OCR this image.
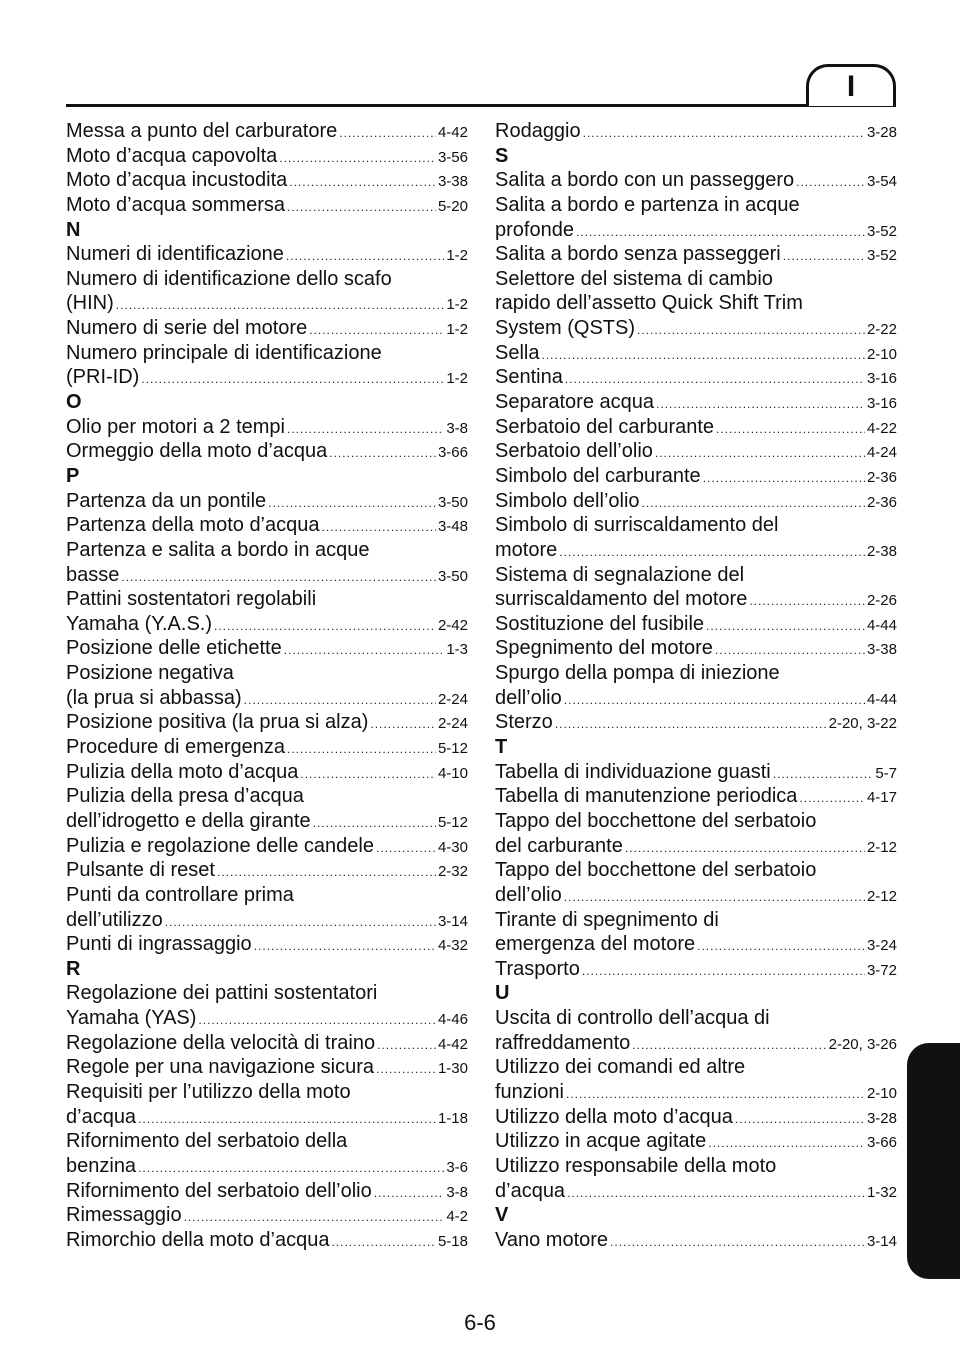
I
Messa a punto del carburatore .....	4-42
Moto d’acqua capovolta .....	3-56
Moto d’acqua incustodita .....	3-38
Moto d’acqua sommersa .....	5-20
N
Numeri di identificazione .....	1-2
Numero di identificazione dello scafo
(HIN) .....	1-2
Numero di serie del motore .....	1-2
Numero principale di identificazione
(PRI-ID) .....	1-2
O
Olio per motori a 2 tempi .....	3-8
Ormeggio della moto d’acqua .....	3-66
P
Partenza da un pontile .....	3-50
Partenza della moto d’acqua .....	3-48
Partenza e salita a bordo in acque
basse .....	3-50
Pattini sostentatori regolabili
Yamaha (Y.A.S.) .....	2-42
Posizione delle etichette .....	1-3
Posizione negativa
(la prua si abbassa) .....	2-24
Posizione positiva (la prua si alza) .....	2-24
Procedure di emergenza .....	5-12
Pulizia della moto d’acqua .....	4-10
Pulizia della presa d’acqua
dell’idrogetto e della girante .....	5-12
Pulizia e regolazione delle candele .....	4-30
Pulsante di reset .....	2-32
Punti da controllare prima
dell’utilizzo .....	3-14
Punti di ingrassaggio .....	4-32
R
Regolazione dei pattini sostentatori
Yamaha (YAS) .....	4-46
Regolazione della velocità di traino .....	4-42
Regole per una navigazione sicura .....	1-30
Requisiti per l’utilizzo della moto
d’acqua .....	1-18
Rifornimento del serbatoio della
benzina .....	3-6
Rifornimento del serbatoio dell’olio .....	3-8
Rimessaggio .....	4-2
Rimorchio della moto d’acqua .....	5-18
Rodaggio .....	3-28
S
Salita a bordo con un passeggero .....	3-54
Salita a bordo e partenza in acque
profonde .....	3-52
Salita a bordo senza passeggeri .....	3-52
Selettore del sistema di cambio
rapido dell’assetto Quick Shift Trim
System (QSTS) .....	2-22
Sella .....	2-10
Sentina .....	3-16
Separatore acqua .....	3-16
Serbatoio del carburante .....	4-22
Serbatoio dell’olio .....	4-24
Simbolo del carburante .....	2-36
Simbolo dell’olio .....	2-36
Simbolo di surriscaldamento del
motore .....	2-38
Sistema di segnalazione del
surriscaldamento del motore .....	2-26
Sostituzione del fusibile .....	4-44
Spegnimento del motore .....	3-38
Spurgo della pompa di iniezione
dell’olio .....	4-44
Sterzo .....	2-20, 3-22
T
Tabella di individuazione guasti .....	5-7
Tabella di manutenzione periodica .....	4-17
Tappo del bocchettone del serbatoio
del carburante .....	2-12
Tappo del bocchettone del serbatoio
dell’olio .....	2-12
Tirante di spegnimento di
emergenza del motore .....	3-24
Trasporto .....	3-72
U
Uscita di controllo dell’acqua di
raffreddamento .....	2-20, 3-26
Utilizzo dei comandi ed altre
funzioni .....	2-10
Utilizzo della moto d’acqua .....	3-28
Utilizzo in acque agitate .....	3-66
Utilizzo responsabile della moto
d’acqua .....	1-32
V
Vano motore .....	3-14
6-6
